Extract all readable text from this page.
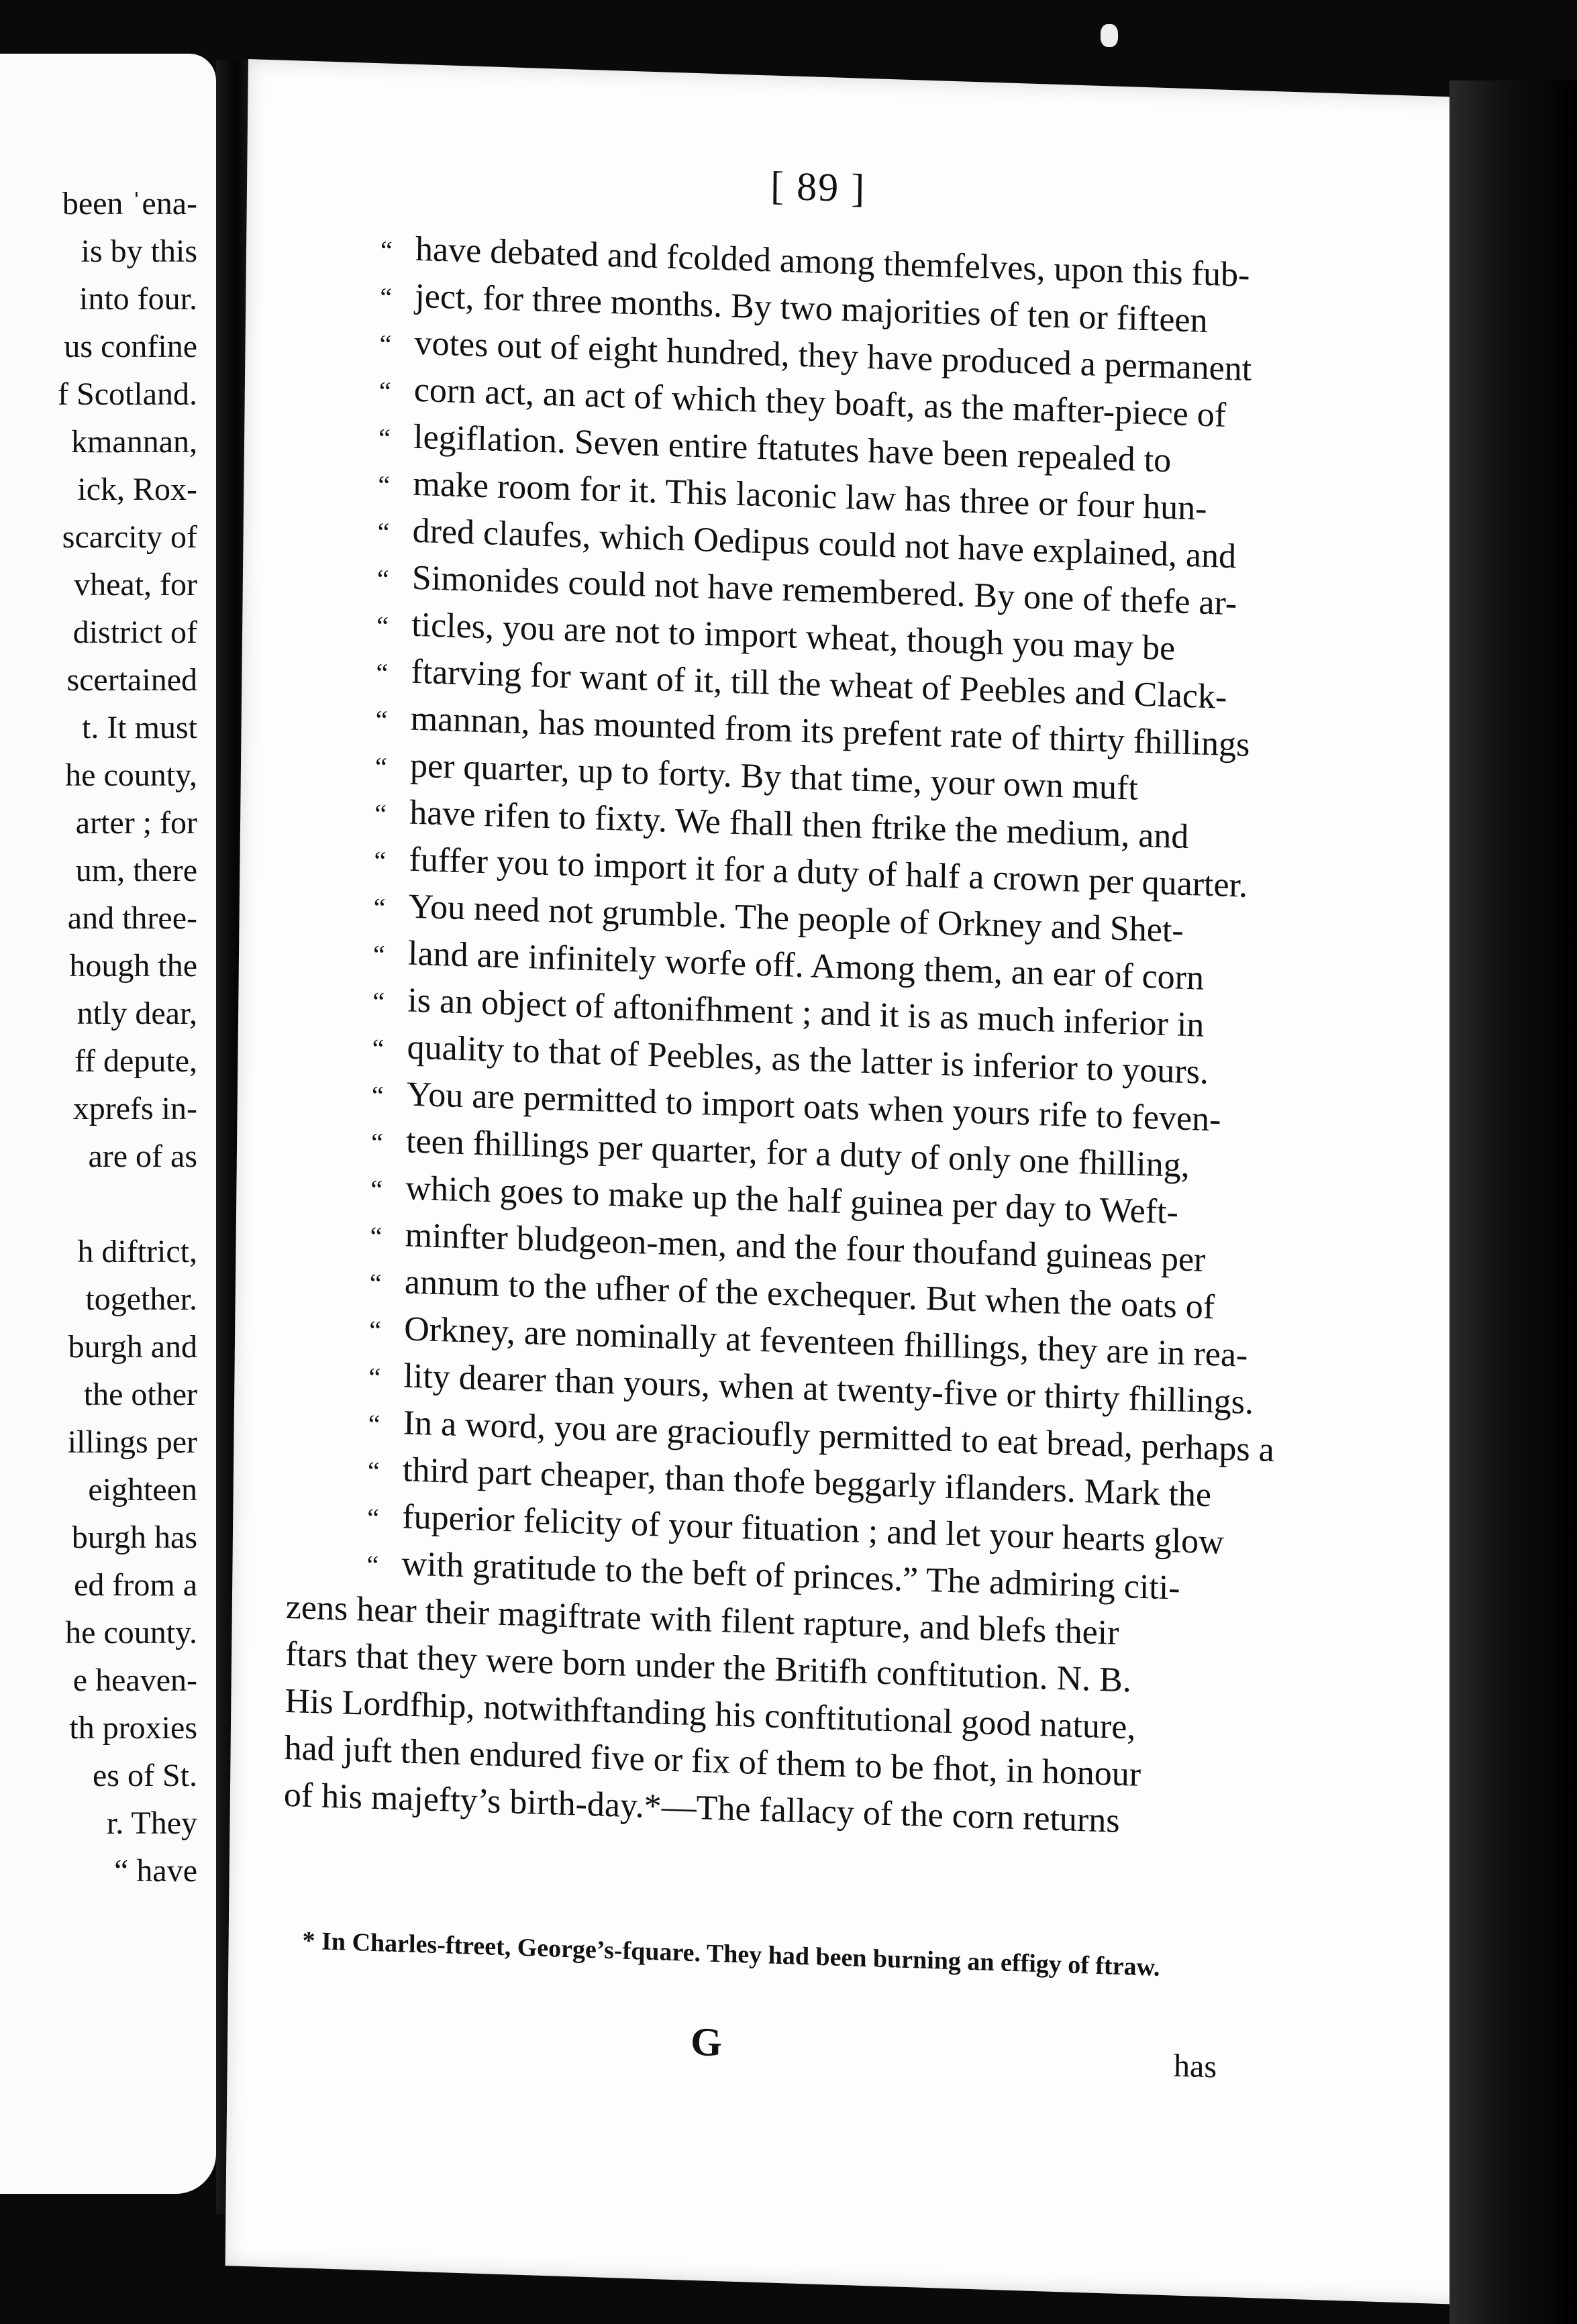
been ˈena-
is by this
into four.
us confine
f Scotland.
kmannan,
ick, Rox-
scarcity of
vheat, for
district of
scertained
t. It must
he county,
arter ; for
um, there
and three-
hough the
ntly dear,
ff depute,
xprefs in-
are of as
h diftrict,
together.
burgh and
the other
illings per
eighteen
burgh has
ed from a
he county.
e heaven-
th proxies
es of St.
r. They
“ have
[ 89 ]
“ have debated and fcolded among themfelves, upon this fub-
“ ject, for three months. By two majorities of ten or fifteen
“ votes out of eight hundred, they have produced a permanent
“ corn act, an act of which they boaft, as the mafter-piece of
“ legiflation. Seven entire ftatutes have been repealed to
“ make room for it. This laconic law has three or four hun-
“ dred claufes, which Oedipus could not have explained, and
“ Simonides could not have remembered. By one of thefe ar-
“ ticles, you are not to import wheat, though you may be
“ ftarving for want of it, till the wheat of Peebles and Clack-
“ mannan, has mounted from its prefent rate of thirty fhillings
“ per quarter, up to forty. By that time, your own muft
“ have rifen to fixty. We fhall then ftrike the medium, and
“ fuffer you to import it for a duty of half a crown per quarter.
“ You need not grumble. The people of Orkney and Shet-
“ land are infinitely worfe off. Among them, an ear of corn
“ is an object of aftonifhment ; and it is as much inferior in
“ quality to that of Peebles, as the latter is inferior to yours.
“ You are permitted to import oats when yours rife to feven-
“ teen fhillings per quarter, for a duty of only one fhilling,
“ which goes to make up the half guinea per day to Weft-
“ minfter bludgeon-men, and the four thoufand guineas per
“ annum to the ufher of the exchequer. But when the oats of
“ Orkney, are nominally at feventeen fhillings, they are in rea-
“ lity dearer than yours, when at twenty-five or thirty fhillings.
“ In a word, you are gracioufly permitted to eat bread, perhaps a
“ third part cheaper, than thofe beggarly iflanders. Mark the
“ fuperior felicity of your fituation ; and let your hearts glow
“ with gratitude to the beft of princes.” The admiring citi-
zens hear their magiftrate with filent rapture, and blefs their
ftars that they were born under the Britifh conftitution. N. B.
His Lordfhip, notwithftanding his conftitutional good nature,
had juft then endured five or fix of them to be fhot, in honour
of his majefty’s birth-day.*—The fallacy of the corn returns
* In Charles-ftreet, George’s-fquare. They had been burning an effigy of ftraw.
G
has
